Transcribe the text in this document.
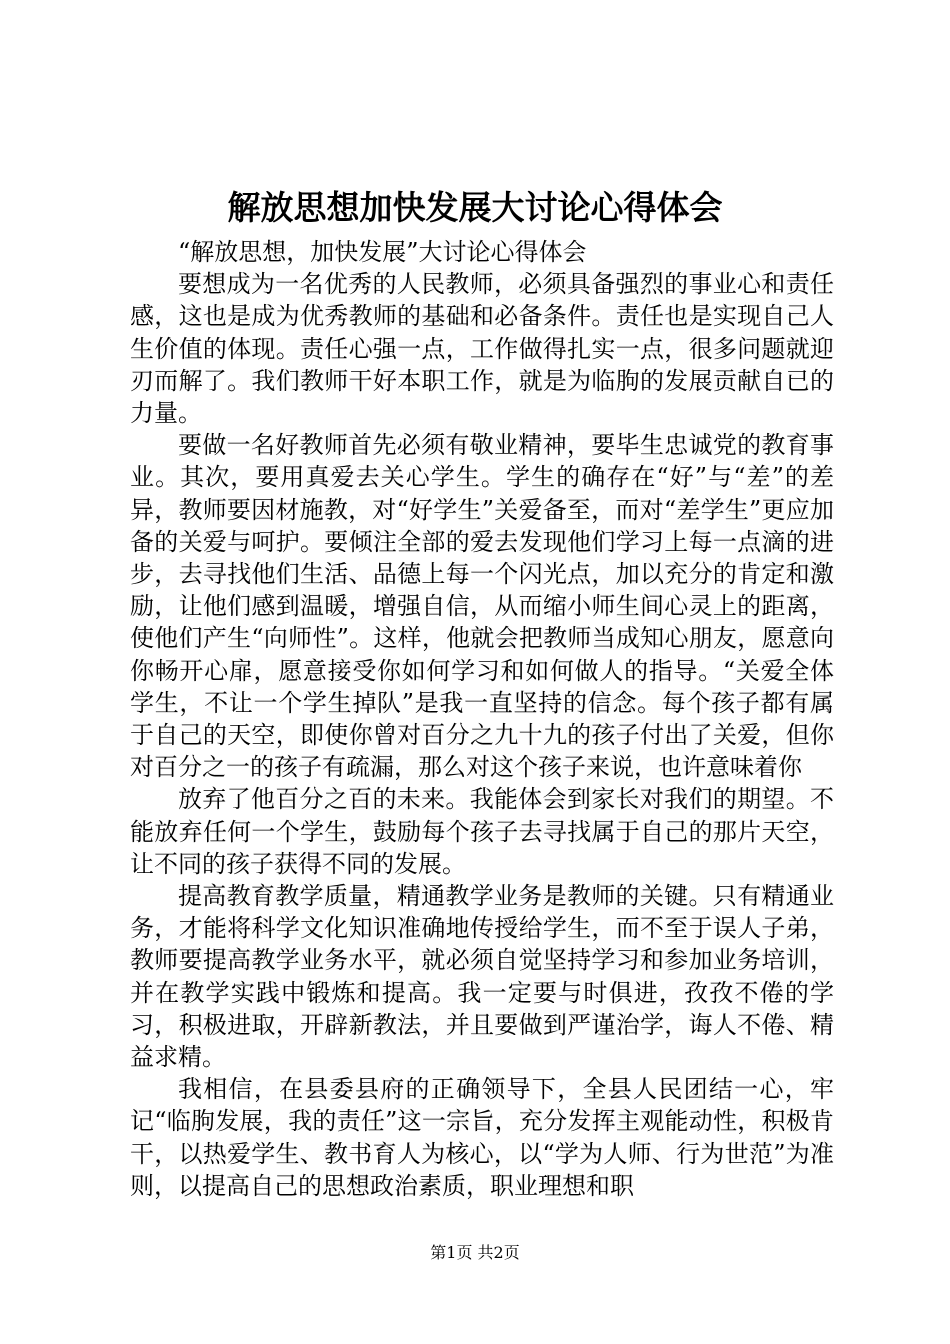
解放思想加快发展大讨论心得体会

“解放思想，加快发展”大讨论心得体会

要想成为一名优秀的人民教师，必须具备强烈的事业心和责任感，这也是成为优秀教师的基础和必备条件。责任也是实现自己人生价值的体现。责任心强一点，工作做得扎实一点，很多问题就迎刃而解了。我们教师干好本职工作，就是为临朐的发展贡献自已的力量。

要做一名好教师首先必须有敬业精神，要毕生忠诚党的教育事业。其次，要用真爱去关心学生。学生的确存在“好”与“差”的差异，教师要因材施教，对“好学生”关爱备至，而对“差学生”更应加备的关爱与呵护。要倾注全部的爱去发现他们学习上每一点滴的进步，去寻找他们生活、品德上每一个闪光点，加以充分的肯定和激励，让他们感到温暖，增强自信，从而缩小师生间心灵上的距离，使他们产生“向师性”。这样，他就会把教师当成知心朋友，愿意向你畅开心扉，愿意接受你如何学习和如何做人的指导。“关爱全体学生，不让一个学生掉队”是我一直坚持的信念。每个孩子都有属于自己的天空，即使你曾对百分之九十九的孩子付出了关爱，但你对百分之一的孩子有疏漏，那么对这个孩子来说，也许意味着你

放弃了他百分之百的未来。我能体会到家长对我们的期望。不能放弃任何一个学生，鼓励每个孩子去寻找属于自己的那片天空，让不同的孩子获得不同的发展。

提高教育教学质量，精通教学业务是教师的关键。只有精通业务，才能将科学文化知识准确地传授给学生，而不至于误人子弟，教师要提高教学业务水平，就必须自觉坚持学习和参加业务培训，并在教学实践中锻炼和提高。我一定要与时俱进，孜孜不倦的学习，积极进取，开辟新教法，并且要做到严谨治学，诲人不倦、精益求精。

我相信，在县委县府的正确领导下，全县人民团结一心，牢记“临朐发展，我的责任”这一宗旨，充分发挥主观能动性，积极肯干，以热爱学生、教书育人为核心，以“学为人师、行为世范”为准则，以提高自己的思想政治素质，职业理想和职

第1页 共2页
